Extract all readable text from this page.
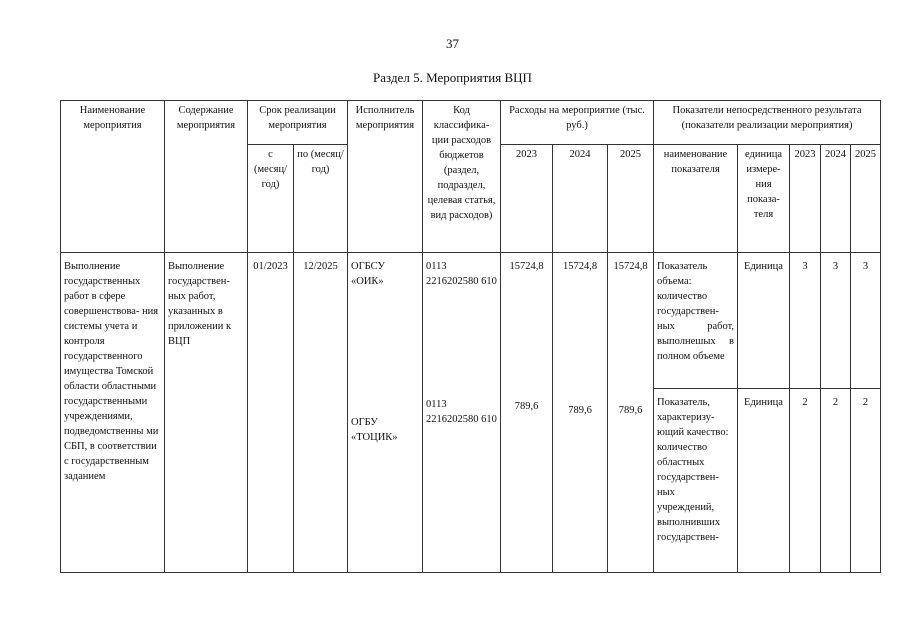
37
Раздел 5. Мероприятия ВЦП
Наименование мероприятия	Содержание мероприятия	Срок реализации мероприятия		Исполнитель мероприятия	Код классифика- ции расходов бюджетов (раздел, подраздел, целевая статья, вид расходов)	Расходы на мероприятие (тыс. руб.)			Показатели непосредственного результата (показатели реализации мероприятия)				
		с (месяц/ год)	по (месяц/ год)			2023	2024	2025	наименование показателя	единица измере- ния показа- теля	2023	2024	2025
Выполнение государственных работ в сфере совершенствова- ния системы учета и контроля государственного имущества Томской области областными государственными учреждениями, подведомственны ми СБП, в соответствии с государственным заданием	Выполнение государствен- ных работ, указанных в приложении к ВЦП	01/2023	12/2025	ОГБСУ «ОИК»	0113 2216202580 610	15724,8	15724,8	15724,8	Показатель объема: количество государствен- ных работ, выполнешых в полном объеме	Единица	3	3	3
				ОГБУ «ТОЦИК»	0113 2216202580 610	789,6	789,6	789,6	Показатель, характеризу- ющий качество: количество областных государствен- ных учреждений, выполнивших государствен-	Единица	2	2	2
